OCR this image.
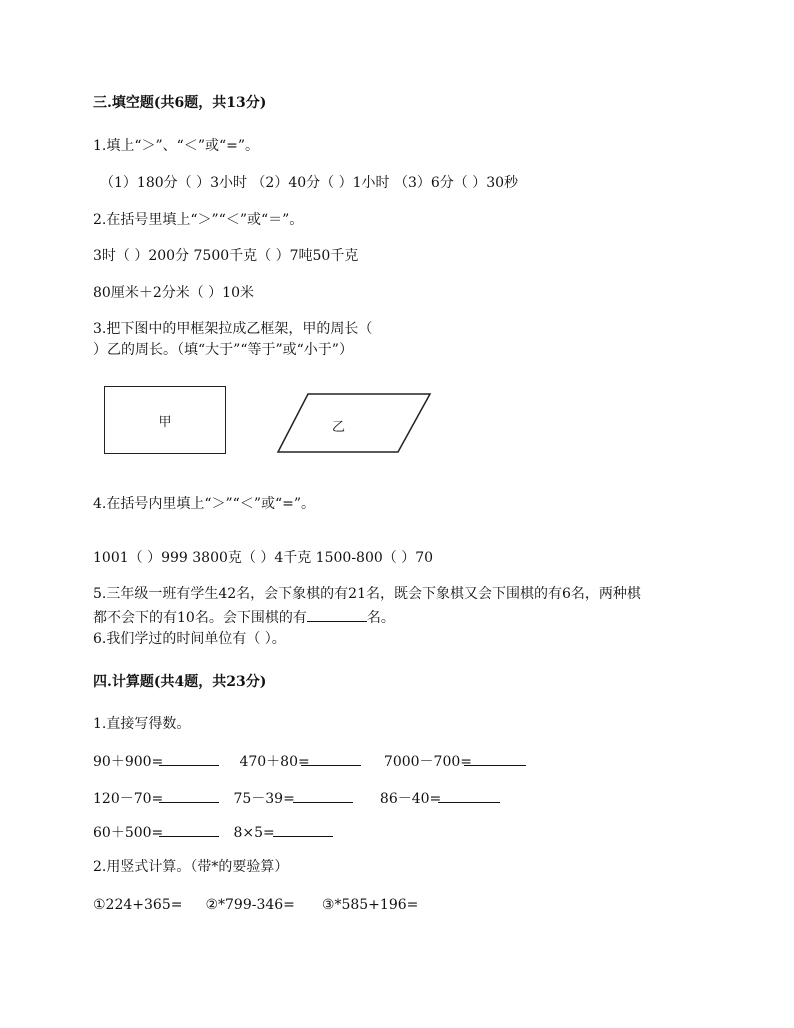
三.填空题(共6题，共13分)
1.填上“＞”、“＜”或“=”。
（1）180分（ ）3小时 （2）40分（ ）1小时 （3）6分（ ）30秒
2.在括号里填上“＞”“＜”或“＝”。
3时（ ）200分 7500千克（ ）7吨50千克
80厘米＋2分米（ ）10米
3.把下图中的甲框架拉成乙框架，甲的周长（
）乙的周长。（填“大于”“等于”或“小于”）
甲	乙
4.在括号内里填上“＞”“＜”或“=”。
1001（ ）999 3800克（ ）4千克 1500-800（ ）70
5.三年级一班有学生42名，会下象棋的有21名，既会下象棋又会下围棋的有6名，两种棋
都不会下的有10名。会下围棋的有	名。
6.我们学过的时间单位有（ ）。
四.计算题(共4题，共23分)
1.直接写得数。
90＋900=	470＋80=	7000－700=
120－70=	75－39=	86－40=
60＋500=	8×5=
2.用竖式计算。（带*的要验算）
①224+365= ②*799-346= ③*585+196=
